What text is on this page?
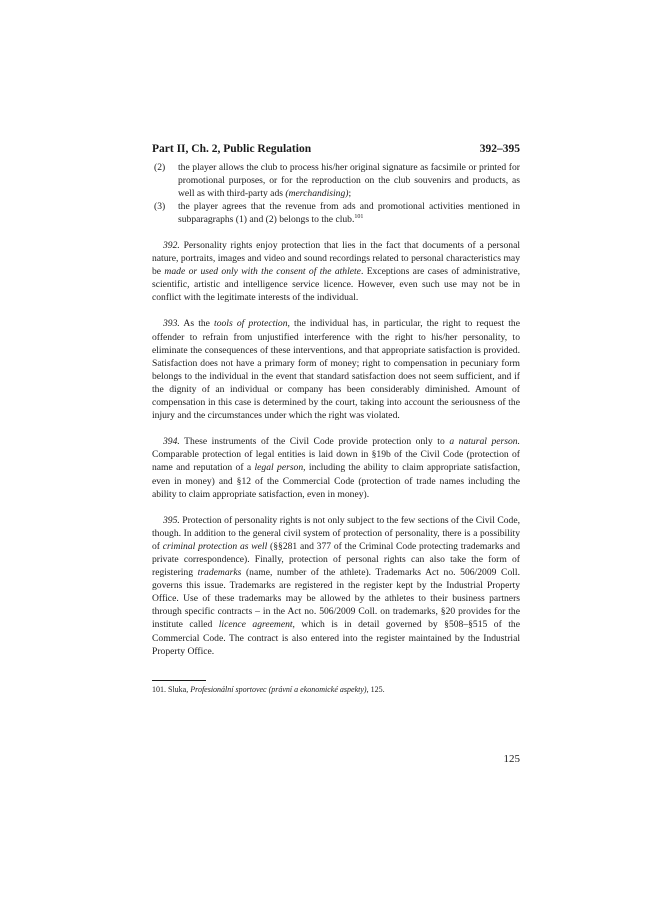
Part II, Ch. 2, Public Regulation	392–395
(2) the player allows the club to process his/her original signature as facsimile or printed for promotional purposes, or for the reproduction on the club souvenirs and products, as well as with third-party ads (merchandising);
(3) the player agrees that the revenue from ads and promotional activities mentioned in subparagraphs (1) and (2) belongs to the club.$^{101}$

392. Personality rights enjoy protection that lies in the fact that documents of a personal nature, portraits, images and video and sound recordings related to personal characteristics may be made or used only with the consent of the athlete. Exceptions are cases of administrative, scientific, artistic and intelligence service licence. However, even such use may not be in conflict with the legitimate interests of the individual.

393. As the tools of protection, the individual has, in particular, the right to request the offender to refrain from unjustified interference with the right to his/her personality, to eliminate the consequences of these interventions, and that appropriate satisfaction is provided. Satisfaction does not have a primary form of money; right to compensation in pecuniary form belongs to the individual in the event that standard satisfaction does not seem sufficient, and if the dignity of an individual or company has been considerably diminished. Amount of compensation in this case is determined by the court, taking into account the seriousness of the injury and the circumstances under which the right was violated.

394. These instruments of the Civil Code provide protection only to a natural person. Comparable protection of legal entities is laid down in §19b of the Civil Code (protection of name and reputation of a legal person, including the ability to claim appropriate satisfaction, even in money) and §12 of the Commercial Code (protection of trade names including the ability to claim appropriate satisfaction, even in money).

395. Protection of personality rights is not only subject to the few sections of the Civil Code, though. In addition to the general civil system of protection of personality, there is a possibility of criminal protection as well (§§281 and 377 of the Criminal Code protecting trademarks and private correspondence). Finally, protection of personal rights can also take the form of registering trademarks (name, number of the athlete). Trademarks Act no. 506/2009 Coll. governs this issue. Trademarks are registered in the register kept by the Industrial Property Office. Use of these trademarks may be allowed by the athletes to their business partners through specific contracts – in the Act no. 506/2009 Coll. on trademarks, §20 provides for the institute called licence agreement, which is in detail governed by §508–§515 of the Commercial Code. The contract is also entered into the register maintained by the Industrial Property Office.

101. Sluka, Profesionální sportovec (právní a ekonomické aspekty), 125.
125
